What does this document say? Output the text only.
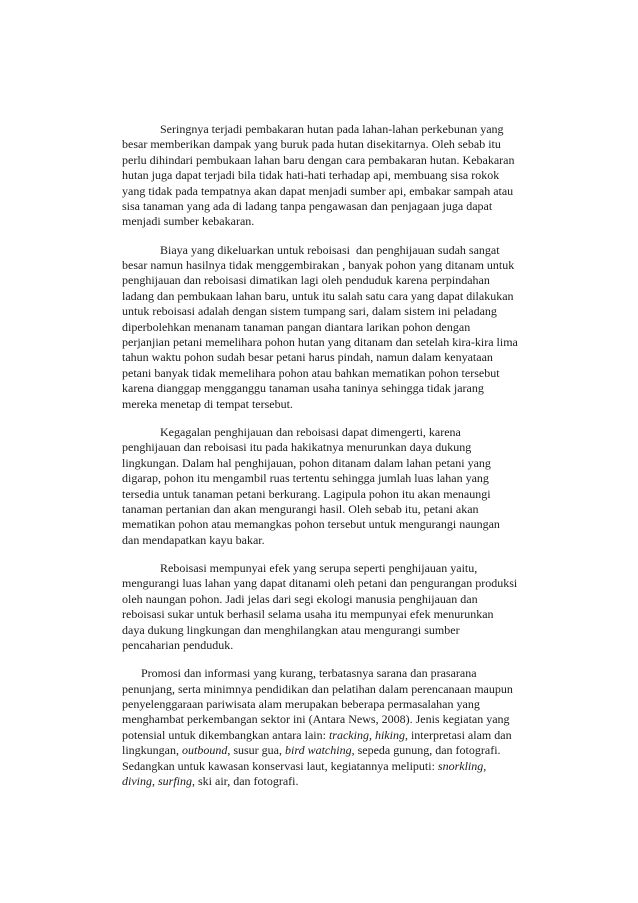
Seringnya terjadi pembakaran hutan pada lahan-lahan perkebunan yang
besar memberikan dampak yang buruk pada hutan disekitarnya. Oleh sebab itu
perlu dihindari pembukaan lahan baru dengan cara pembakaran hutan. Kebakaran
hutan juga dapat terjadi bila tidak hati-hati terhadap api, membuang sisa rokok
yang tidak pada tempatnya akan dapat menjadi sumber api, embakar sampah atau
sisa tanaman yang ada di ladang tanpa pengawasan dan penjagaan juga dapat
menjadi sumber kebakaran.
Biaya yang dikeluarkan untuk reboisasi  dan penghijauan sudah sangat
besar namun hasilnya tidak menggembirakan , banyak pohon yang ditanam untuk
penghijauan dan reboisasi dimatikan lagi oleh penduduk karena perpindahan
ladang dan pembukaan lahan baru, untuk itu salah satu cara yang dapat dilakukan
untuk reboisasi adalah dengan sistem tumpang sari, dalam sistem ini peladang
diperbolehkan menanam tanaman pangan diantara larikan pohon dengan
perjanjian petani memelihara pohon hutan yang ditanam dan setelah kira-kira lima
tahun waktu pohon sudah besar petani harus pindah, namun dalam kenyataan
petani banyak tidak memelihara pohon atau bahkan mematikan pohon tersebut
karena dianggap mengganggu tanaman usaha taninya sehingga tidak jarang
mereka menetap di tempat tersebut.
Kegagalan penghijauan dan reboisasi dapat dimengerti, karena
penghijauan dan reboisasi itu pada hakikatnya menurunkan daya dukung
lingkungan. Dalam hal penghijauan, pohon ditanam dalam lahan petani yang
digarap, pohon itu mengambil ruas tertentu sehingga jumlah luas lahan yang
tersedia untuk tanaman petani berkurang. Lagipula pohon itu akan menaungi
tanaman pertanian dan akan mengurangi hasil. Oleh sebab itu, petani akan
mematikan pohon atau memangkas pohon tersebut untuk mengurangi naungan
dan mendapatkan kayu bakar.
Reboisasi mempunyai efek yang serupa seperti penghijauan yaitu,
mengurangi luas lahan yang dapat ditanami oleh petani dan pengurangan produksi
oleh naungan pohon. Jadi jelas dari segi ekologi manusia penghijauan dan
reboisasi sukar untuk berhasil selama usaha itu mempunyai efek menurunkan
daya dukung lingkungan dan menghilangkan atau mengurangi sumber
pencaharian penduduk.
Promosi dan informasi yang kurang, terbatasnya sarana dan prasarana
penunjang, serta minimnya pendidikan dan pelatihan dalam perencanaan maupun
penyelenggaraan pariwisata alam merupakan beberapa permasalahan yang
menghambat perkembangan sektor ini (Antara News, 2008). Jenis kegiatan yang
potensial untuk dikembangkan antara lain: tracking, hiking, interpretasi alam dan
lingkungan, outbound, susur gua, bird watching, sepeda gunung, dan fotografi.
Sedangkan untuk kawasan konservasi laut, kegiatannya meliputi: snorkling,
diving, surfing, ski air, dan fotografi.
